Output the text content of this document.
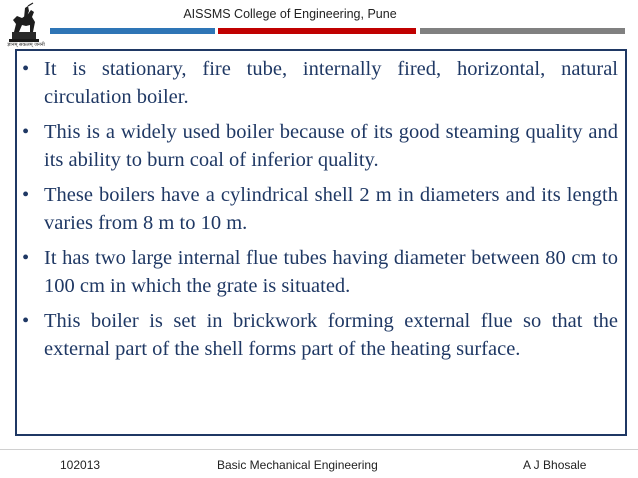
ज्ञानम् सकलम् जननी
AISSMS College of Engineering, Pune
• It is stationary, fire tube, internally fired, horizontal, natural circulation boiler.
• This is a widely used boiler because of its good steaming quality and its ability to burn coal of inferior quality.
• These boilers have a cylindrical shell 2 m in diameters and its length varies from 8 m to 10 m.
• It has two large internal flue tubes having diameter between 80 cm to 100 cm in which the grate is situated.
• This boiler is set in brickwork forming external flue so that the external part of the shell forms part of the heating surface.
102013	Basic Mechanical Engineering	A J Bhosale
